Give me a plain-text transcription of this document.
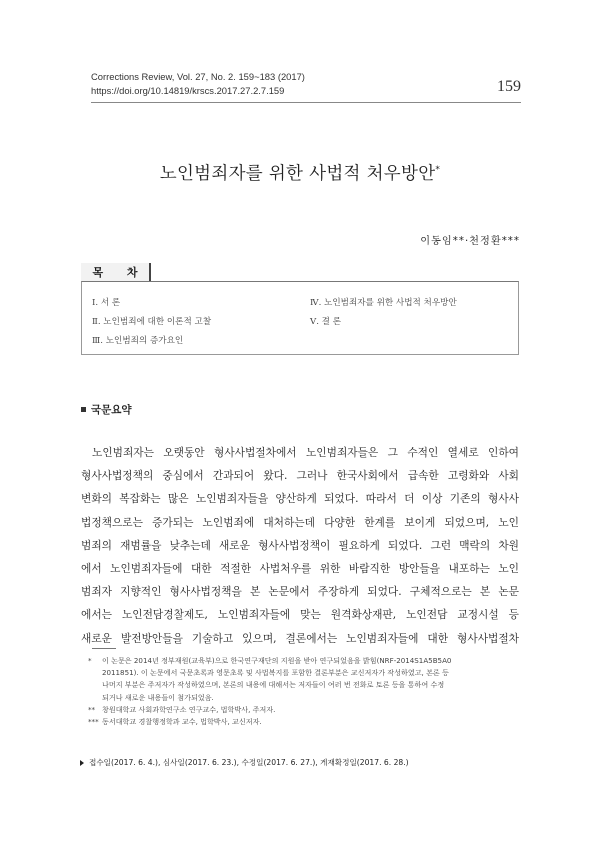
Corrections Review, Vol. 27, No. 2. 159~183 (2017)
https://doi.org/10.14819/krscs.2017.27.2.7.159	159
노인범죄자를 위한 사법적 처우방안*
이동임**·천정환***
목 차
Ⅰ. 서 론
Ⅱ. 노인범죄에 대한 이론적 고찰
Ⅲ. 노인범죄의 증가요인
Ⅳ. 노인범죄자를 위한 사법적 처우방안
Ⅴ. 결 론
국문요약
노인범죄자는 오랫동안 형사사법절차에서 노인범죄자들은 그 수적인 열세로 인하여
형사사법정책의 중심에서 간과되어 왔다. 그러나 한국사회에서 급속한 고령화와 사회
변화의 복잡화는 많은 노인범죄자들을 양산하게 되었다. 따라서 더 이상 기존의 형사사
법정책으로는 증가되는 노인범죄에 대처하는데 다양한 한계를 보이게 되었으며, 노인
범죄의 재범률을 낮추는데 새로운 형사사법정책이 필요하게 되었다. 그런 맥락의 차원
에서 노인범죄자들에 대한 적절한 사법처우를 위한 바람직한 방안들을 내포하는 노인
범죄자 지향적인 형사사법정책을 본 논문에서 주장하게 되었다. 구체적으로는 본 논문
에서는 노인전담경찰제도, 노인범죄자들에 맞는 원격화상재판, 노인전담 교정시설 등
새로운 발전방안들을 기술하고 있으며, 결론에서는 노인범죄자들에 대한 형사사법절차
* 이 논문은 2014년 정부재원(교육부)으로 한국연구재단의 지원을 받아 연구되었음을 밝힘(NRF-2014S1A5B5A0
2011851). 이 논문에서 국문초록과 영문초록 및 사법복지를 포함한 결론부분은 교신저자가 작성하였고, 본론 등
나머지 부분은 주저자가 작성하였으며, 본론의 내용에 대해서는 저자들이 여러 번 전화로 토론 등을 통하여 수정
되거나 새로운 내용들이 첨가되었음.
** 창원대학교 사회과학연구소 연구교수, 법학박사, 주저자.
*** 동서대학교 경찰행정학과 교수, 법학박사, 교신저자.
접수일(2017. 6. 4.), 심사일(2017. 6. 23.), 수정일(2017. 6. 27.), 게재확정일(2017. 6. 28.)
